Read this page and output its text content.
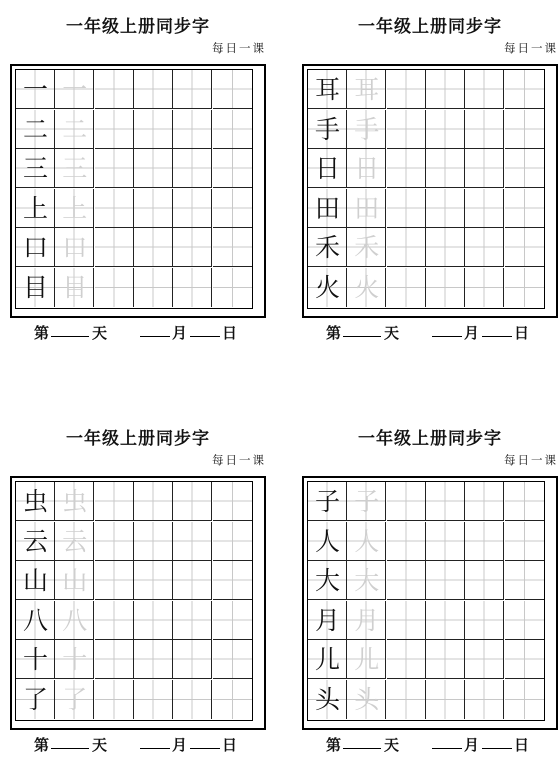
一年级上册同步字
每日一课
一 一
二 二
三 三
上 上
口 口
目 目
第	天	月 日
一年级上册同步字
每日一课
耳 耳
手 手
日 日
田 田
禾 禾
火 火
第	天	月 日
一年级上册同步字
每日一课
虫 虫
云 云
山 山
八 八
十 十
了 了
第	天	月 日
一年级上册同步字
每日一课
子 子
人 人
大 大
月 月
儿 儿
头 头
第	天	月 日
